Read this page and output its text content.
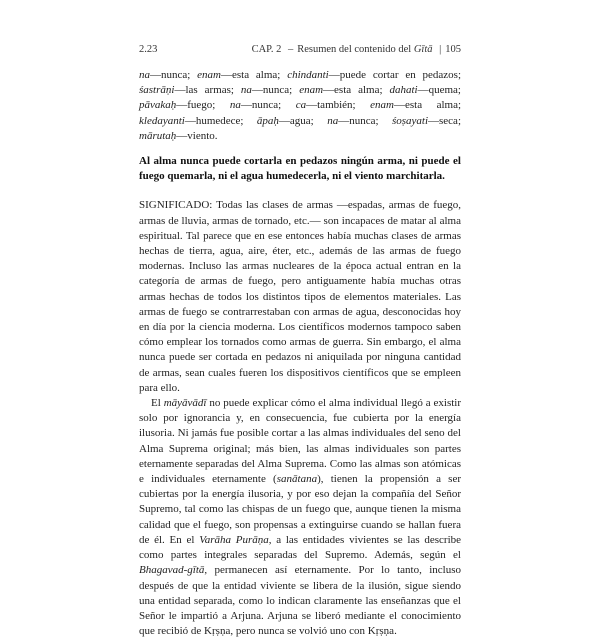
2.23	CAP. 2 – Resumen del contenido del Gītā | 105

na—nunca; enam—esta alma; chindanti—puede cortar en pedazos; śastrāṇi—las armas; na—nunca; enam—esta alma; dahati—quema; pāvakaḥ—fuego; na—nunca; ca—también; enam—esta alma; kledayanti—humedece; āpaḥ—agua; na—nunca; śoṣayati—seca; mārutaḥ—viento.

Al alma nunca puede cortarla en pedazos ningún arma, ni puede el fuego quemarla, ni el agua humedecerla, ni el viento marchitarla.

SIGNIFICADO: Todas las clases de armas —espadas, armas de fuego, armas de lluvia, armas de tornado, etc.— son incapaces de matar al alma espiritual. Tal parece que en ese entonces había muchas clases de armas hechas de tierra, agua, aire, éter, etc., además de las armas de fuego modernas. Incluso las armas nucleares de la época actual entran en la categoría de armas de fuego, pero antiguamente había muchas otras armas hechas de todos los distintos tipos de elementos materiales. Las armas de fuego se contrarrestaban con armas de agua, desconocidas hoy en día por la ciencia moderna. Los científicos modernos tampoco saben cómo emplear los tornados como armas de guerra. Sin embargo, el alma nunca puede ser cortada en pedazos ni aniquilada por ninguna cantidad de armas, sean cuales fueren los dispositivos científicos que se empleen para ello.

El māyāvādī no puede explicar cómo el alma individual llegó a existir solo por ignorancia y, en consecuencia, fue cubierta por la energía ilusoria. Ni jamás fue posible cortar a las almas individuales del seno del Alma Suprema original; más bien, las almas individuales son partes eternamente separadas del Alma Suprema. Como las almas son atómicas e individuales eternamente (sanātana), tienen la propensión a ser cubiertas por la energía ilusoria, y por eso dejan la compañía del Señor Supremo, tal como las chispas de un fuego que, aunque tienen la misma calidad que el fuego, son propensas a extinguirse cuando se hallan fuera de él. En el Varāha Purāṇa, a las entidades vivientes se las describe como partes integrales separadas del Supremo. Además, según el Bhagavad-gītā, permanecen así eternamente. Por lo tanto, incluso después de que la entidad viviente se libera de la ilusión, sigue siendo una entidad separada, como lo indican claramente las enseñanzas que el Señor le impartió a Arjuna. Arjuna se liberó mediante el conocimiento que recibió de Kṛṣṇa, pero nunca se volvió uno con Kṛṣṇa.
